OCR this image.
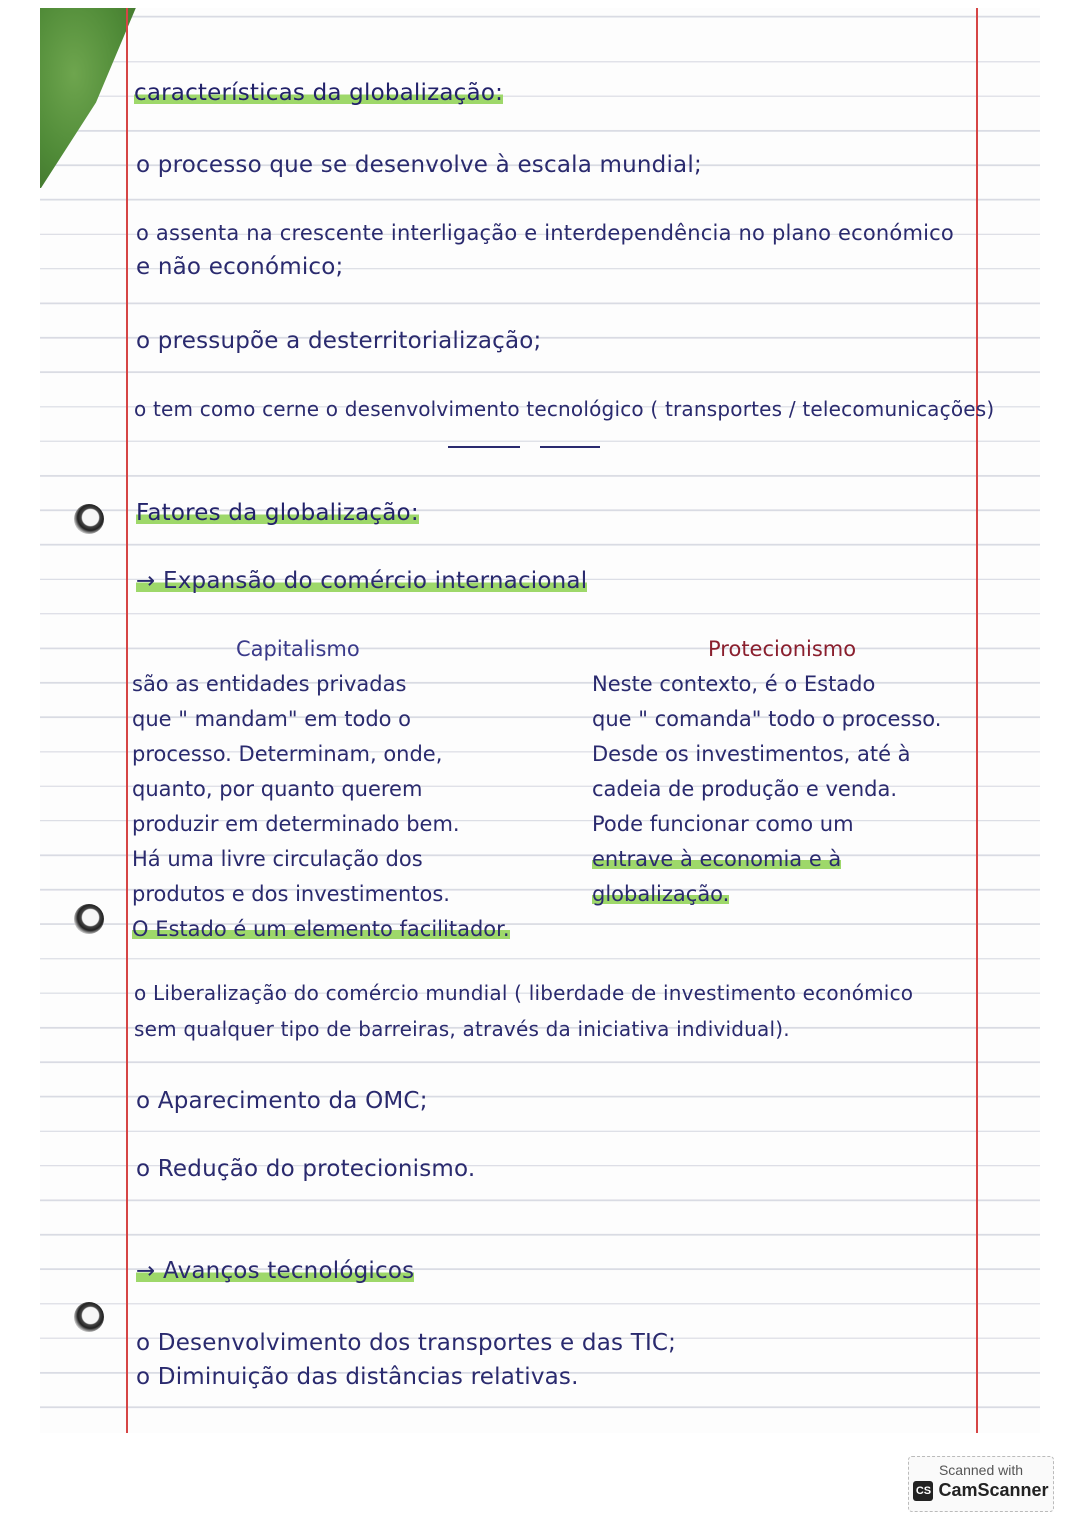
características da globalização:
o processo que se desenvolve à escala mundial;
o assenta na crescente interligação e interdependência no plano económico
e não económico;
o pressupõe a desterritorialização;
o tem como cerne o desenvolvimento tecnológico ( transportes / telecomunicações)
Fatores da globalização:
→ Expansão do comércio internacional
Capitalismo
são as entidades privadas
que " mandam" em todo o
processo. Determinam, onde,
quanto, por quanto querem
produzir em determinado bem.
Há uma livre circulação dos
produtos e dos investimentos.
O Estado é um elemento facilitador.
Protecionismo
Neste contexto, é o Estado
que " comanda" todo o processo.
Desde os investimentos, até à
cadeia de produção e venda.
Pode funcionar como um
entrave à economia e à
globalização.
o Liberalização do comércio mundial ( liberdade de investimento económico
sem qualquer tipo de barreiras, através da iniciativa individual).
o Aparecimento da OMC;
o Redução do protecionismo.
→ Avanços tecnológicos
o Desenvolvimento dos transportes e das TIC;
o Diminuição das distâncias relativas.
Scanned with
CS CamScanner
